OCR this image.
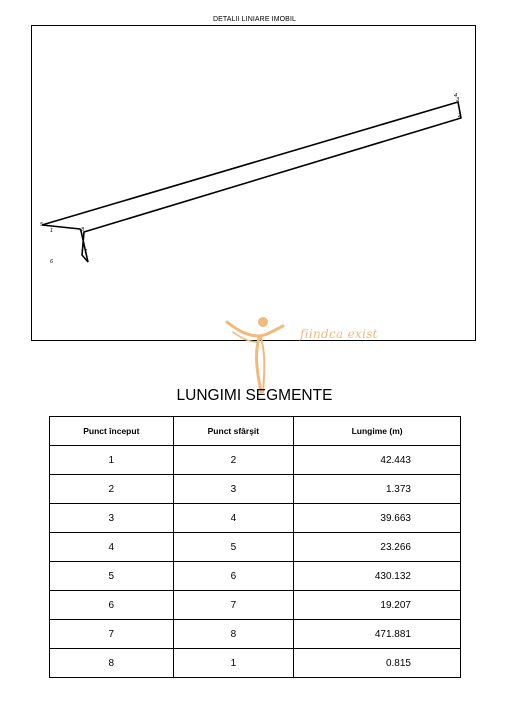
DETALII LINIARE IMOBIL
1
2
3
4
5
6
7
8
fiindca exist
LUNGIMI SEGMENTE
Punct început	Punct sfârşit	Lungime (m)
1	2	42.443
2	3	1.373
3	4	39.663
4	5	23.266
5	6	430.132
6	7	19.207
7	8	471.881
8	1	0.815
